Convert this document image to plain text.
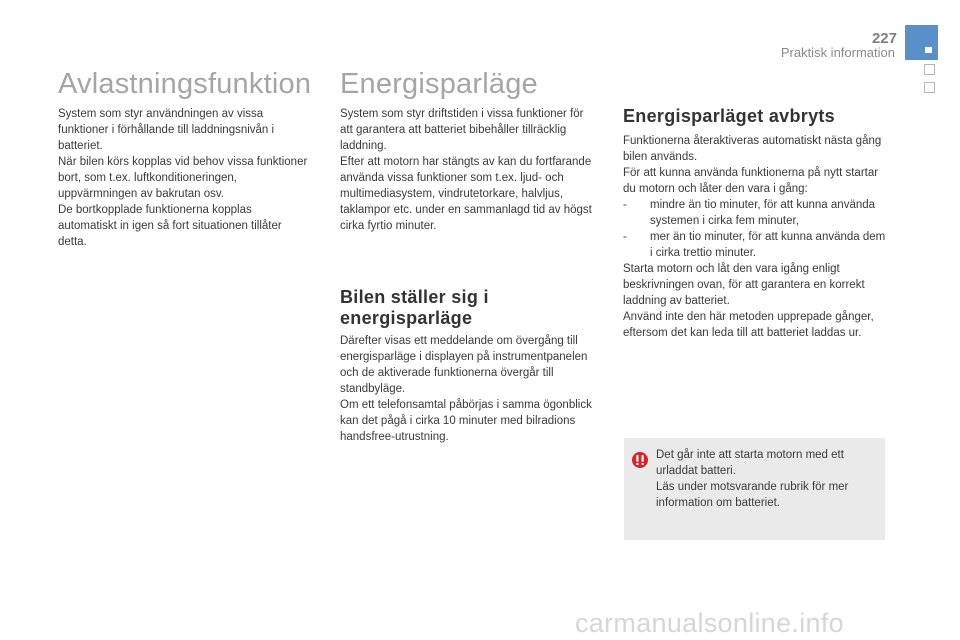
227
Praktisk information
Avlastningsfunktion

System som styr användningen av vissa funktioner i förhållande till laddningsnivån i batteriet.

När bilen körs kopplas vid behov vissa funktioner bort, som t.ex. luftkonditioneringen, uppvärmningen av bakrutan osv.

De bortkopplade funktionerna kopplas automatiskt in igen så fort situationen tillåter detta.

Energisparläge

System som styr driftstiden i vissa funktioner för att garantera att batteriet bibehåller tillräcklig laddning.

Efter att motorn har stängts av kan du fortfarande använda vissa funktioner som t.ex. ljud- och multimediasystem, vindrutetorkare, halvljus, taklampor etc. under en sammanlagd tid av högst cirka fyrtio minuter.

Bilen ställer sig i
energisparläge

Därefter visas ett meddelande om övergång till energisparläge i displayen på instrumentpanelen och de aktiverade funktionerna övergår till standbyläge.

Om ett telefonsamtal påbörjas i samma ögonblick kan det pågå i cirka 10 minuter med bilradions handsfree-utrustning.

Energisparläget avbryts

Funktionerna återaktiveras automatiskt nästa gång bilen används.

För att kunna använda funktionerna på nytt startar du motorn och låter den vara i gång:

- mindre än tio minuter, för att kunna använda systemen i cirka fem minuter,
- mer än tio minuter, för att kunna använda dem i cirka trettio minuter.

Starta motorn och låt den vara igång enligt beskrivningen ovan, för att garantera en korrekt laddning av batteriet.

Använd inte den här metoden upprepade gånger, eftersom det kan leda till att batteriet laddas ur.

Det går inte att starta motorn med ett urladdat batteri.

Läs under motsvarande rubrik för mer information om batteriet.

carmanualsonline.info
